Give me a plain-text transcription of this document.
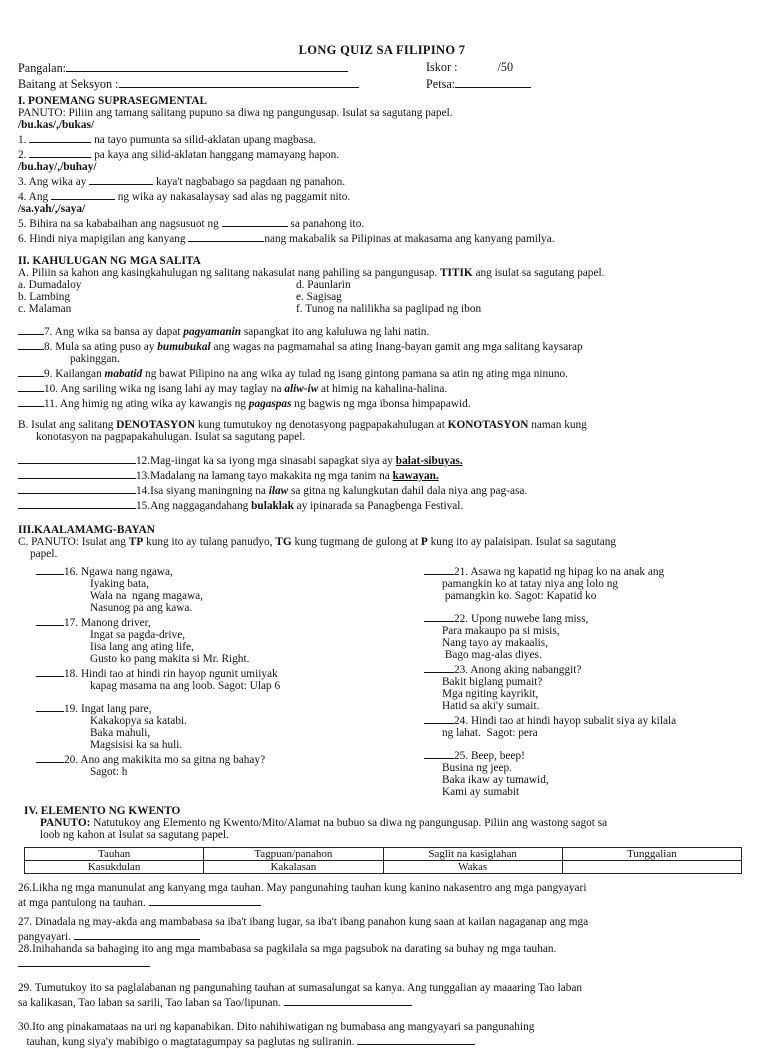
LONG QUIZ SA FILIPINO 7
Pangalan:	Iskor :	/50
Baitang at Seksyon :	Petsa:
I. PONEMANG SUPRASEGMENTAL
PANUTO: Piliin ang tamang salitang pupuno sa diwa ng pangungusap. Isulat sa sagutang papel.
/bu.kas/,/bukas/
1.	na tayo pumunta sa silid-aklatan upang magbasa.
2.	pa kaya ang silid-aklatan hanggang mamayang hapon.
/bu.hay/,/buhay/
3. Ang wika ay	kaya't nagbabago sa pagdaan ng panahon.
4. Ang	ng wika ay nakasalaysay sad alas ng paggamit nito.
/sa.yah/,/saya/
5. Bihira na sa kababaihan ang nagsusuot ng	sa panahong ito.
6. Hindi niya mapigilan ang kanyang	nang makabalik sa Pilipinas at makasama ang kanyang pamilya.
II. KAHULUGAN NG MGA SALITA
A. Piliin sa kahon ang kasingkahulugan ng salitang nakasulat nang pahiling sa pangungusap. TITIK ang isulat sa sagutang papel.
a. Dumadaloy	d. Paunlarin
b. Lambing	e. Sagisag
c. Malaman	f. Tunog na nalilikha sa paglipad ng ibon
7. Ang wika sa bansa ay dapat pagyamanin sapangkat ito ang kaluluwa ng lahi natin.
8. Mula sa ating puso ay bumubukal ang wagas na pagmamahal sa ating Inang-bayan gamit ang mga salitang kaysarap
pakinggan.
9. Kailangan mabatid ng bawat Pilipino na ang wika ay tulad ng isang gintong pamana sa atin ng ating mga ninuno.
10. Ang sariling wika ng isang lahi ay may taglay na aliw-iw at himig na kahalina-halina.
11. Ang himig ng ating wika ay kawangis ng pagaspas ng bagwis ng mga ibonsa himpapawid.
B. Isulat ang salitang DENOTASYON kung tumutukoy ng denotasyong pagpapakahulugan at KONOTASYON naman kung
konotasyon na pagpapakahulugan. Isulat sa sagutang papel.
12.Mag-iingat ka sa iyong mga sinasabi sapagkat siya ay balat-sibuyas.
13.Madalang na lamang tayo makakita ng mga tanim na kawayan.
14.Isa siyang maningning na ilaw sa gitna ng kalungkutan dahil dala niya ang pag-asa.
15.Ang naggagandahang bulaklak ay ipinarada sa Panagbenga Festival.
III.KAALAMAMG-BAYAN
C. PANUTO: Isulat ang TP kung ito ay tulang panudyo, TG kung tugmang de gulong at P kung ito ay palaisipan. Isulat sa sagutang
papel.
16. Ngawa nang ngawa,
Iyaking bata,
Wala na  ngang magawa,
Nasunog pa ang kawa.
17. Manong driver,
Ingat sa pagda-drive,
Iisa lang ang ating life,
Gusto ko pang makita si Mr. Right.
18. Hindi tao at hindi rin hayop ngunit umiiyak
kapag masama na ang loob. Sagot: Ulap 6
19. Ingat lang pare,
Kakakopya sa katabi.
Baka mahuli,
Magsisisi ka sa huli.
20. Ano ang makikita mo sa gitna ng bahay?
Sagot: h
21. Asawa ng kapatid ng hipag ko na anak ang
pamangkin ko at tatay niya ang lolo ng
pamangkin ko. Sagot: Kapatid ko
22. Upong nuwebe lang miss,
Para makaupo pa si misis,
Nang tayo ay makaalis,
Bago mag-alas diyes.
23. Anong aking nabanggit?
Bakit biglang pumait?
Mga ngiting kayrikit,
Hatid sa aki'y sumait.
24. Hindi tao at hindi hayop subalit siya ay kilala
ng lahat.  Sagot: pera
25. Beep, beep!
Businа ng jeep.
Baka ikaw ay tumawid,
Kami ay sumabit
IV. ELEMENTO NG KWENTO
PANUTO: Natutukoy ang Elemento ng Kwento/Mito/Alamat na bubuo sa diwa ng pangungusap. Piliin ang wastong sagot sa
loob ng kahon at Isulat sa sagutang papel.
Tauhan	Tagpuan/panahon	Saglit na kasiglahan	Tunggalian
Kasukdulan	Kakalasan	Wakas	
26.Likha ng mga manunulat ang kanyang mga tauhan. May pangunahing tauhan kung kanino nakasentro ang mga pangyayari
at mga pantulong na tauhan.
27. Dinadala ng may-akda ang mambabasa sa iba't ibang lugar, sa iba't ibang panahon kung saan at kailan nagaganap ang mga
pangyayari.
28.Inihahanda sa bahaging ito ang mga mambabasa sa pagkilala sa mga pagsubok na darating sa buhay ng mga tauhan.
29. Tumutukoy ito sa paglalabanan ng pangunahing tauhan at sumasalungat sa kanya. Ang tunggalian ay maaaring Tao laban
sa kalikasan, Tao laban sa sarili, Tao laban sa Tao/lipunan.
30.Ito ang pinakamataas na uri ng kapanabikan. Dito nahihiwatigan ng bumabasa ang mangyayari sa pangunahing
tauhan, kung siya'y mabibigo o magtatagumpay sa paglutas ng suliranin.
